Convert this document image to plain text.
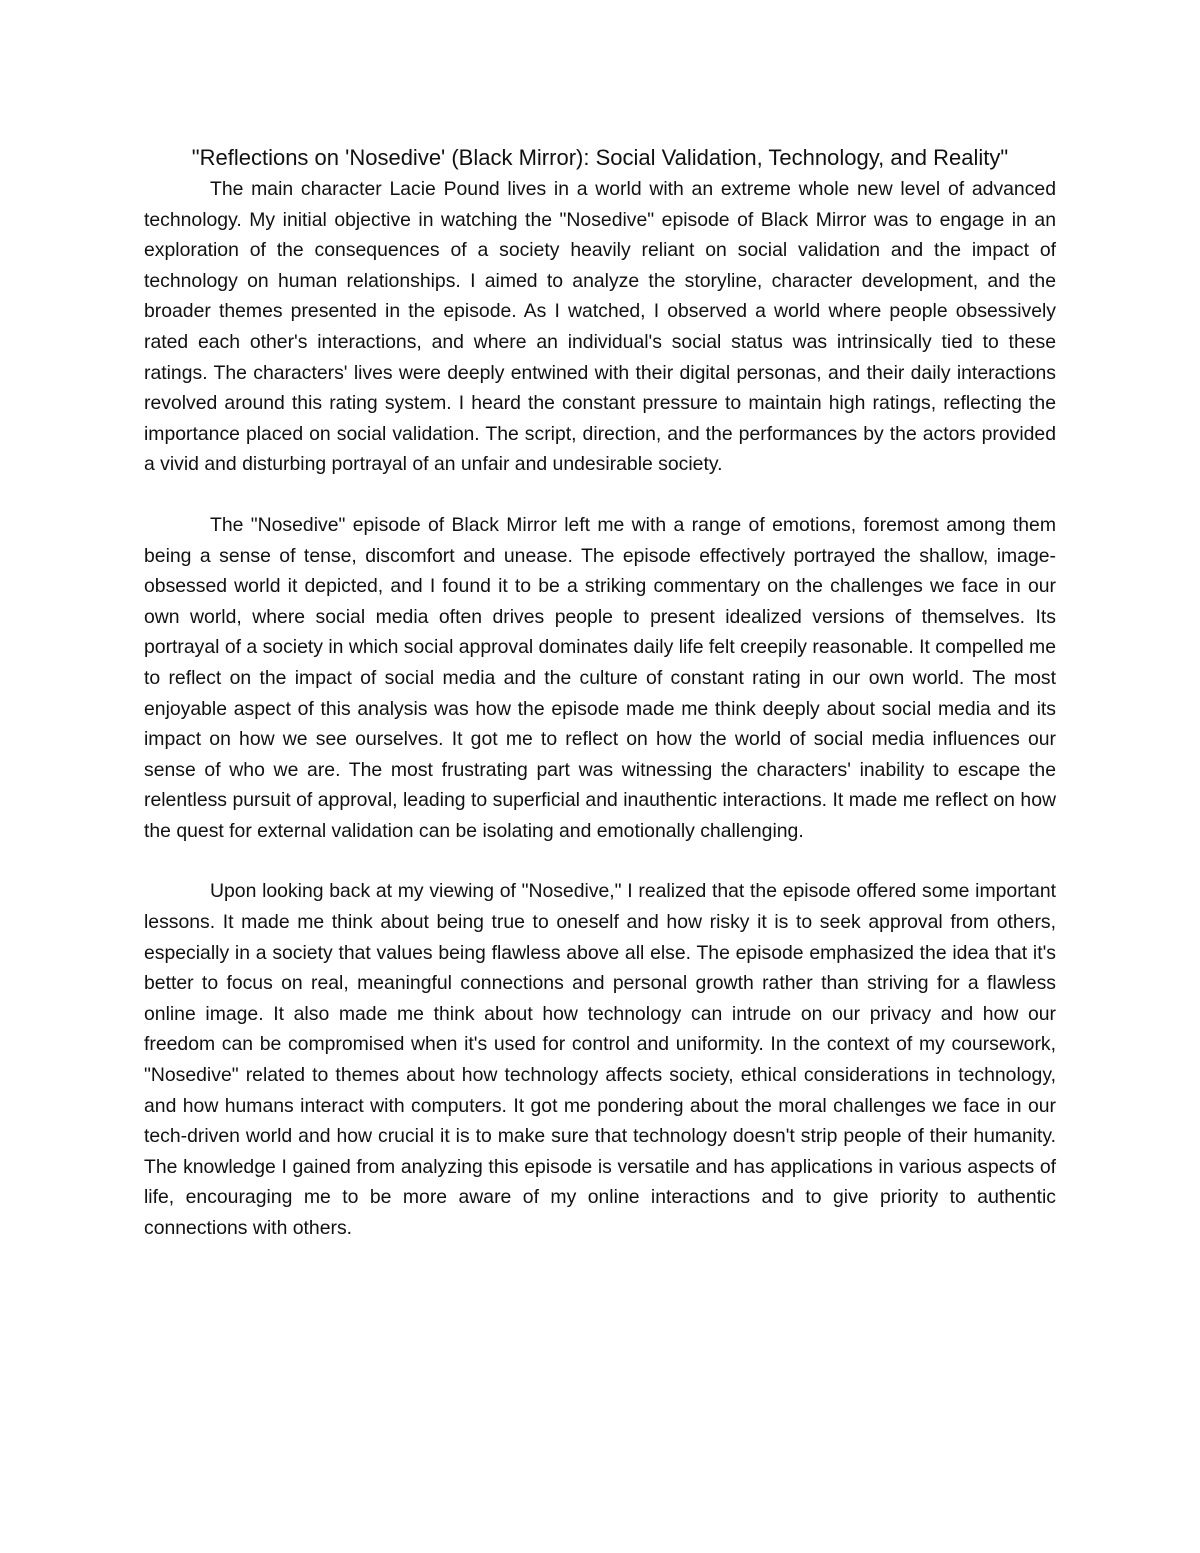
"Reflections on 'Nosedive' (Black Mirror): Social Validation, Technology, and Reality"

The main character Lacie Pound lives in a world with an extreme whole new level of advanced technology. My initial objective in watching the "Nosedive" episode of Black Mirror was to engage in an exploration of the consequences of a society heavily reliant on social validation and the impact of technology on human relationships. I aimed to analyze the storyline, character development, and the broader themes presented in the episode. As I watched, I observed a world where people obsessively rated each other's interactions, and where an individual's social status was intrinsically tied to these ratings. The characters' lives were deeply entwined with their digital personas, and their daily interactions revolved around this rating system. I heard the constant pressure to maintain high ratings, reflecting the importance placed on social validation. The script, direction, and the performances by the actors provided a vivid and disturbing portrayal of an unfair and undesirable society.

The "Nosedive" episode of Black Mirror left me with a range of emotions, foremost among them being a sense of tense, discomfort and unease. The episode effectively portrayed the shallow, image-obsessed world it depicted, and I found it to be a striking commentary on the challenges we face in our own world, where social media often drives people to present idealized versions of themselves. Its portrayal of a society in which social approval dominates daily life felt creepily reasonable. It compelled me to reflect on the impact of social media and the culture of constant rating in our own world. The most enjoyable aspect of this analysis was how the episode made me think deeply about social media and its impact on how we see ourselves. It got me to reflect on how the world of social media influences our sense of who we are. The most frustrating part was witnessing the characters' inability to escape the relentless pursuit of approval, leading to superficial and inauthentic interactions. It made me reflect on how the quest for external validation can be isolating and emotionally challenging.

Upon looking back at my viewing of "Nosedive," I realized that the episode offered some important lessons. It made me think about being true to oneself and how risky it is to seek approval from others, especially in a society that values being flawless above all else. The episode emphasized the idea that it's better to focus on real, meaningful connections and personal growth rather than striving for a flawless online image. It also made me think about how technology can intrude on our privacy and how our freedom can be compromised when it's used for control and uniformity. In the context of my coursework, "Nosedive" related to themes about how technology affects society, ethical considerations in technology, and how humans interact with computers. It got me pondering about the moral challenges we face in our tech-driven world and how crucial it is to make sure that technology doesn't strip people of their humanity. The knowledge I gained from analyzing this episode is versatile and has applications in various aspects of life, encouraging me to be more aware of my online interactions and to give priority to authentic connections with others.
